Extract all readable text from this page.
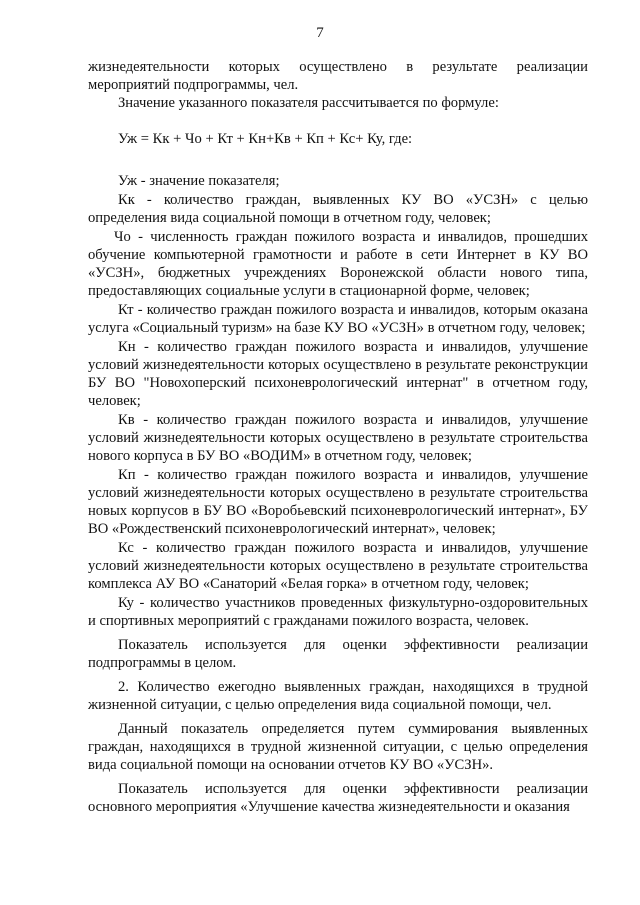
7

жизнедеятельности которых осуществлено в результате реализации мероприятий подпрограммы, чел.

Значение указанного показателя рассчитывается по формуле:

Уж = Кк + Чо + Кт + Кн+Кв + Кп + Кс+ Ку, где:

Уж - значение показателя;

Кк - количество граждан, выявленных КУ ВО «УСЗН» с целью определения вида социальной помощи в отчетном году, человек;

Чо - численность граждан пожилого возраста и инвалидов, прошедших обучение компьютерной грамотности и работе в сети Интернет в КУ ВО «УСЗН», бюджетных учреждениях Воронежской области нового типа, предоставляющих социальные услуги в стационарной форме, человек;

Кт - количество граждан пожилого возраста и инвалидов, которым оказана услуга «Социальный туризм» на базе КУ ВО «УСЗН» в отчетном году, человек;

Кн - количество граждан пожилого возраста и инвалидов, улучшение условий жизнедеятельности которых осуществлено в результате реконструкции БУ ВО "Новохоперский психоневрологический интернат" в отчетном году, человек;

Кв - количество граждан пожилого возраста и инвалидов, улучшение условий жизнедеятельности которых осуществлено в результате строительства нового корпуса в БУ ВО «ВОДИМ» в отчетном году, человек;

Кп - количество граждан пожилого возраста и инвалидов, улучшение условий жизнедеятельности которых осуществлено в результате строительства новых корпусов в БУ ВО «Воробьевский психоневрологический интернат», БУ ВО «Рождественский психоневрологический интернат», человек;

Кс - количество граждан пожилого возраста и инвалидов, улучшение условий жизнедеятельности которых осуществлено в результате строительства комплекса АУ ВО «Санаторий «Белая горка» в отчетном году, человек;

Ку - количество участников проведенных физкультурно-оздоровительных и спортивных мероприятий с гражданами пожилого возраста, человек.

Показатель используется для оценки эффективности реализации подпрограммы в целом.

2. Количество ежегодно выявленных граждан, находящихся в трудной жизненной ситуации, с целью определения вида социальной помощи, чел.

Данный показатель определяется путем суммирования выявленных граждан, находящихся в трудной жизненной ситуации, с целью определения вида социальной помощи на основании отчетов КУ ВО «УСЗН».

Показатель используется для оценки эффективности реализации основного мероприятия «Улучшение качества жизнедеятельности и оказания
